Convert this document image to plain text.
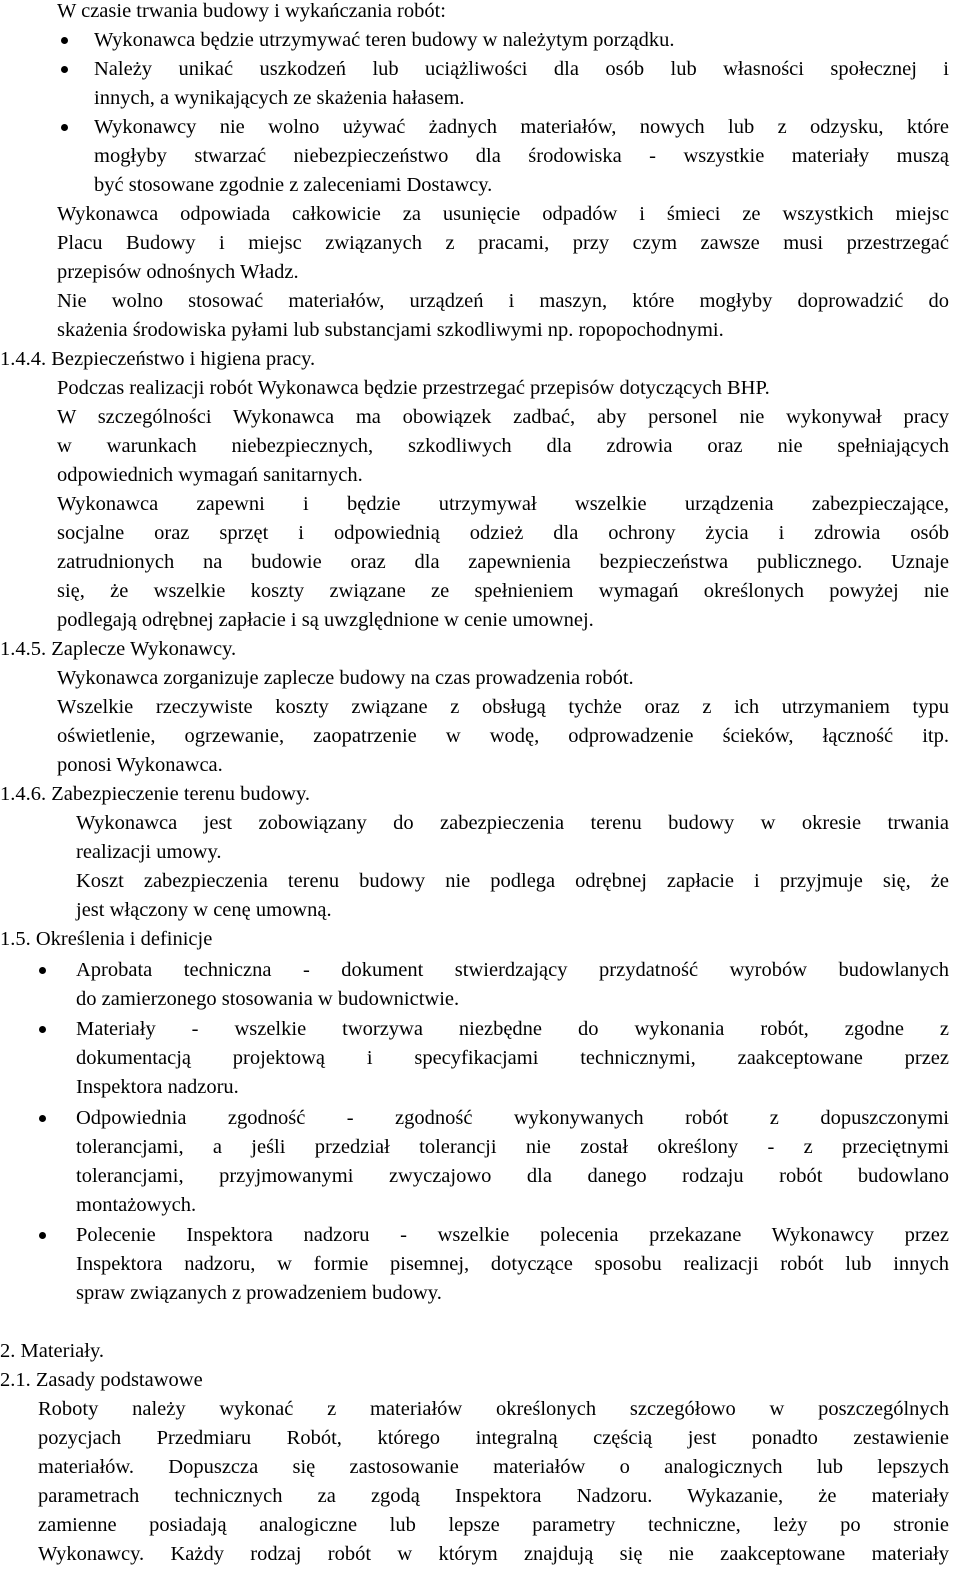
W czasie trwania budowy i wykańczania robót:
Wykonawca będzie utrzymywać teren budowy w należytym porządku.
Należy unikać uszkodzeń lub uciążliwości dla osób lub własności społecznej i
innych, a wynikających ze skażenia hałasem.
Wykonawcy nie wolno używać żadnych materiałów, nowych lub z odzysku, które
mogłyby stwarzać niebezpieczeństwo dla środowiska - wszystkie materiały muszą
być stosowane zgodnie z zaleceniami Dostawcy.
Wykonawca odpowiada całkowicie za usunięcie odpadów i śmieci ze wszystkich miejsc
Placu Budowy i miejsc związanych z pracami, przy czym zawsze musi przestrzegać
przepisów odnośnych Władz.
Nie wolno stosować materiałów, urządzeń i maszyn, które mogłyby doprowadzić do
skażenia środowiska pyłami lub substancjami szkodliwymi np. ropopochodnymi.
1.4.4. Bezpieczeństwo i higiena pracy.
Podczas realizacji robót Wykonawca będzie przestrzegać przepisów dotyczących BHP.
W szczególności Wykonawca ma obowiązek zadbać, aby personel nie wykonywał pracy
w warunkach niebezpiecznych, szkodliwych dla zdrowia oraz nie spełniających
odpowiednich wymagań sanitarnych.
Wykonawca zapewni i będzie utrzymywał wszelkie urządzenia zabezpieczające,
socjalne oraz sprzęt i odpowiednią odzież dla ochrony życia i zdrowia osób
zatrudnionych na budowie oraz dla zapewnienia bezpieczeństwa publicznego. Uznaje
się, że wszelkie koszty związane ze spełnieniem wymagań określonych powyżej nie
podlegają odrębnej zapłacie i są uwzględnione w cenie umownej.
1.4.5. Zaplecze Wykonawcy.
Wykonawca zorganizuje zaplecze budowy na czas prowadzenia robót.
Wszelkie rzeczywiste koszty związane z obsługą tychże oraz z ich utrzymaniem typu
oświetlenie, ogrzewanie, zaopatrzenie w wodę, odprowadzenie ścieków, łączność itp.
ponosi Wykonawca.
1.4.6. Zabezpieczenie terenu budowy.
Wykonawca jest zobowiązany do zabezpieczenia terenu budowy w okresie trwania
realizacji umowy.
Koszt zabezpieczenia terenu budowy nie podlega odrębnej zapłacie i przyjmuje się, że
jest włączony w cenę umowną.
1.5. Określenia i definicje
Aprobata techniczna - dokument stwierdzający przydatność wyrobów budowlanych
do zamierzonego stosowania w budownictwie.
Materiały - wszelkie tworzywa niezbędne do wykonania robót, zgodne z
dokumentacją projektową i specyfikacjami technicznymi, zaakceptowane przez
Inspektora nadzoru.
Odpowiednia zgodność - zgodność wykonywanych robót z dopuszczonymi
tolerancjami, a jeśli przedział tolerancji nie został określony - z przeciętnymi
tolerancjami, przyjmowanymi zwyczajowo dla danego rodzaju robót budowlano
montażowych.
Polecenie Inspektora nadzoru - wszelkie polecenia przekazane Wykonawcy przez
Inspektora nadzoru, w formie pisemnej, dotyczące sposobu realizacji robót lub innych
spraw związanych z prowadzeniem budowy.
2. Materiały.
2.1. Zasady podstawowe
Roboty należy wykonać z materiałów określonych szczegółowo w poszczególnych
pozycjach Przedmiaru Robót, którego integralną częścią jest ponadto zestawienie
materiałów. Dopuszcza się zastosowanie materiałów o analogicznych lub lepszych
parametrach technicznych za zgodą Inspektora Nadzoru. Wykazanie, że materiały
zamienne posiadają analogiczne lub lepsze parametry techniczne, leży po stronie
Wykonawcy. Każdy rodzaj robót w którym znajdują się nie zaakceptowane materiały
